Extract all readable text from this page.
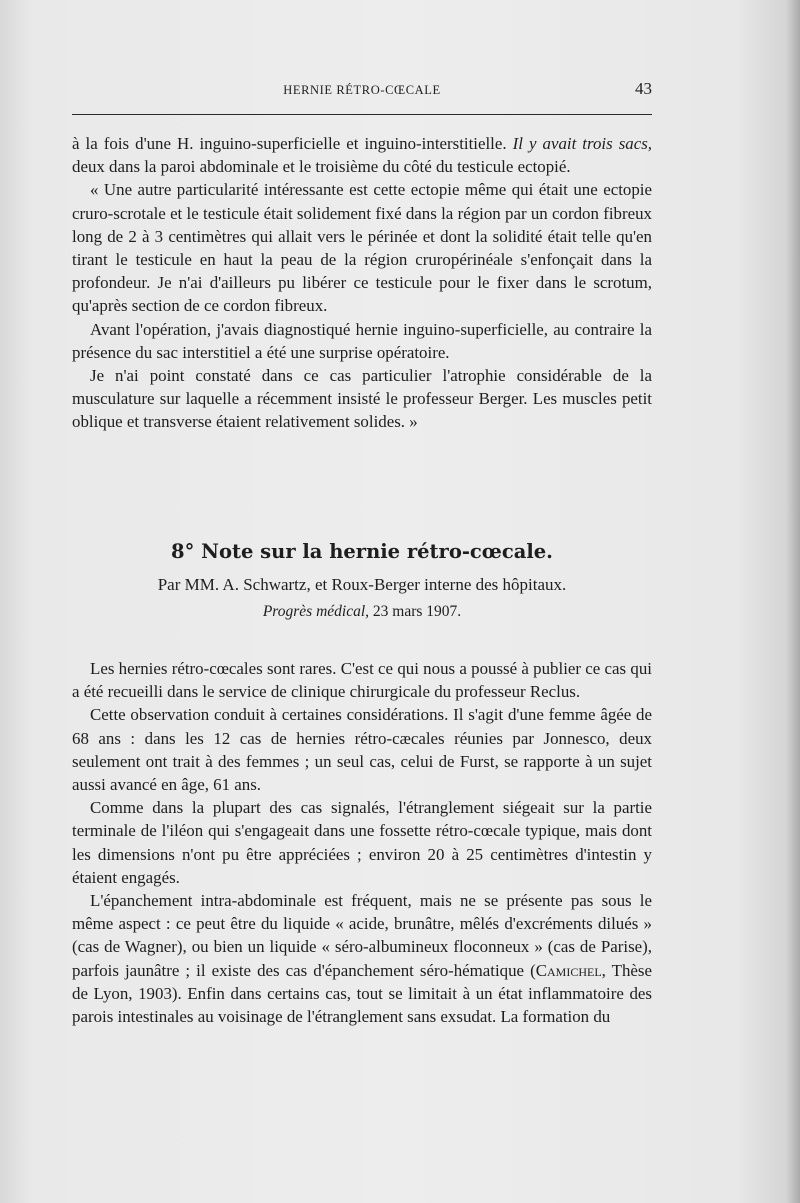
HERNIE RÉTRO-CŒCALE	43

à la fois d'une H. inguino-superficielle et inguino-interstitielle. Il y avait trois sacs, deux dans la paroi abdominale et le troisième du côté du testicule ectopié.

« Une autre particularité intéressante est cette ectopie même qui était une ectopie cruro-scrotale et le testicule était solidement fixé dans la région par un cordon fibreux long de 2 à 3 centimètres qui allait vers le périnée et dont la solidité était telle qu'en tirant le testicule en haut la peau de la région cruropérinéale s'enfonçait dans la profondeur. Je n'ai d'ailleurs pu libérer ce testicule pour le fixer dans le scrotum, qu'après section de ce cordon fibreux.

Avant l'opération, j'avais diagnostiqué hernie inguino-superficielle, au contraire la présence du sac interstitiel a été une surprise opératoire.

Je n'ai point constaté dans ce cas particulier l'atrophie considérable de la musculature sur laquelle a récemment insisté le professeur Berger. Les muscles petit oblique et transverse étaient relativement solides. »

8° Note sur la hernie rétro-cœcale.
Par MM. A. Schwartz, et Roux-Berger interne des hôpitaux.
Progrès médical, 23 mars 1907.

Les hernies rétro-cœcales sont rares. C'est ce qui nous a poussé à publier ce cas qui a été recueilli dans le service de clinique chirurgicale du professeur Reclus.

Cette observation conduit à certaines considérations. Il s'agit d'une femme âgée de 68 ans : dans les 12 cas de hernies rétro-cæcales réunies par Jonnesco, deux seulement ont trait à des femmes ; un seul cas, celui de Furst, se rapporte à un sujet aussi avancé en âge, 61 ans.

Comme dans la plupart des cas signalés, l'étranglement siégeait sur la partie terminale de l'iléon qui s'engageait dans une fossette rétro-cœcale typique, mais dont les dimensions n'ont pu être appréciées ; environ 20 à 25 centimètres d'intestin y étaient engagés.

L'épanchement intra-abdominale est fréquent, mais ne se présente pas sous le même aspect : ce peut être du liquide « acide, brunâtre, mêlés d'excréments dilués » (cas de Wagner), ou bien un liquide « séro-albumineux floconneux » (cas de Parise), parfois jaunâtre ; il existe des cas d'épanchement séro-hématique (Camichel, Thèse de Lyon, 1903). Enfin dans certains cas, tout se limitait à un état inflammatoire des parois intestinales au voisinage de l'étranglement sans exsudat. La formation du
